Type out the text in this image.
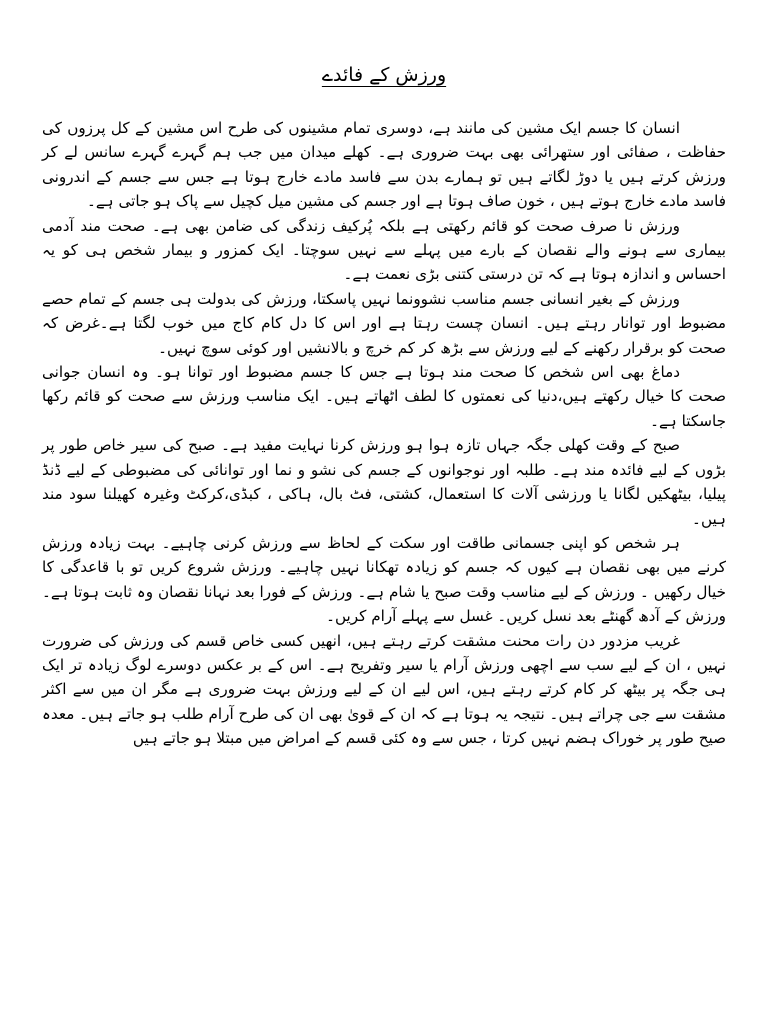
ورزش کے فائدے

انسان کا جسم ایک مشین کی مانند ہے، دوسری تمام مشینوں کی طرح اس مشین کے کل پرزوں کی حفاظت ، صفائی اور ستھرائی بھی بہت ضروری ہے۔ کھلے میدان میں جب ہم گہرے گہرے سانس لے کر ورزش کرتے ہیں یا دوڑ لگاتے ہیں تو ہمارے بدن سے فاسد مادے خارج ہوتا ہے جس سے جسم کے اندرونی فاسد مادے خارج ہوتے ہیں ، خون صاف ہوتا ہے اور جسم کی مشین میل کچیل سے پاک ہو جاتی ہے۔

ورزش نا صرف صحت کو قائم رکھتی ہے بلکہ پُرکیف زندگی کی ضامن بھی ہے۔ صحت مند آدمی بیماری سے ہونے والے نقصان کے بارے میں پہلے سے نہیں سوچتا۔ ایک کمزور و بیمار شخص ہی کو یہ احساس و اندازہ ہوتا ہے کہ تن درستی کتنی بڑی نعمت ہے۔

ورزش کے بغیر انسانی جسم مناسب نشوونما نہیں پاسکتا، ورزش کی بدولت ہی جسم کے تمام حصے مضبوط اور توانار رہتے ہیں۔ انسان چست رہتا ہے اور اس کا دل کام کاج میں خوب لگتا ہے۔غرض کہ صحت کو برقرار رکھنے کے لیے ورزش سے بڑھ کر کم خرچ و بالانشیں اور کوئی سوچ نہیں۔

دماغ بھی اس شخص کا صحت مند ہوتا ہے جس کا جسم مضبوط اور توانا ہو۔ وہ انسان جوانی صحت کا خیال رکھتے ہیں،دنیا کی نعمتوں کا لطف اٹھاتے ہیں۔ ایک مناسب ورزش سے صحت کو قائم رکھا جاسکتا ہے۔

صبح کے وقت کھلی جگہ جہاں تازہ ہوا ہو ورزش کرنا نہایت مفید ہے۔ صبح کی سیر خاص طور پر بڑوں کے لیے فائدہ مند ہے۔ طلبہ اور نوجوانوں کے جسم کی نشو و نما اور توانائی کی مضبوطی کے لیے ڈنڈ پیلیا، بیٹھکیں لگانا یا ورزشی آلات کا استعمال، کشتی، فٹ بال، ہاکی ، کبڈی،کرکٹ وغیرہ کھیلنا سود مند ہیں۔

ہر شخص کو اپنی جسمانی طاقت اور سکت کے لحاظ سے ورزش کرنی چاہیے۔ بہت زیادہ ورزش کرنے میں بھی نقصان ہے کیوں کہ جسم کو زیادہ تھکانا نہیں چاہیے۔ ورزش شروع کریں تو با قاعدگی کا خیال رکھیں ۔ ورزش کے لیے مناسب وقت صبح یا شام ہے۔ ورزش کے فورا بعد نہانا نقصان وہ ثابت ہوتا ہے۔ ورزش کے آدھ گھنٹے بعد نسل کریں۔ غسل سے پہلے آرام کریں۔

غریب مزدور دن رات محنت مشقت کرتے رہتے ہیں، انھیں کسی خاص قسم کی ورزش کی ضرورت نہیں ، ان کے لیے سب سے اچھی ورزش آرام یا سیر وتفریح ہے۔ اس کے بر عکس دوسرے لوگ زیادہ تر ایک ہی جگہ پر بیٹھ کر کام کرتے رہتے ہیں، اس لیے ان کے لیے ورزش بہت ضروری ہے مگر ان میں سے اکثر مشقت سے جی چراتے ہیں۔ نتیجہ یہ ہوتا ہے کہ ان کے قویٰ بھی ان کی طرح آرام طلب ہو جاتے ہیں۔ معدہ صیح طور پر خوراک ہضم نہیں کرتا ، جس سے وہ کئی قسم کے امراض میں مبتلا ہو جاتے ہیں
